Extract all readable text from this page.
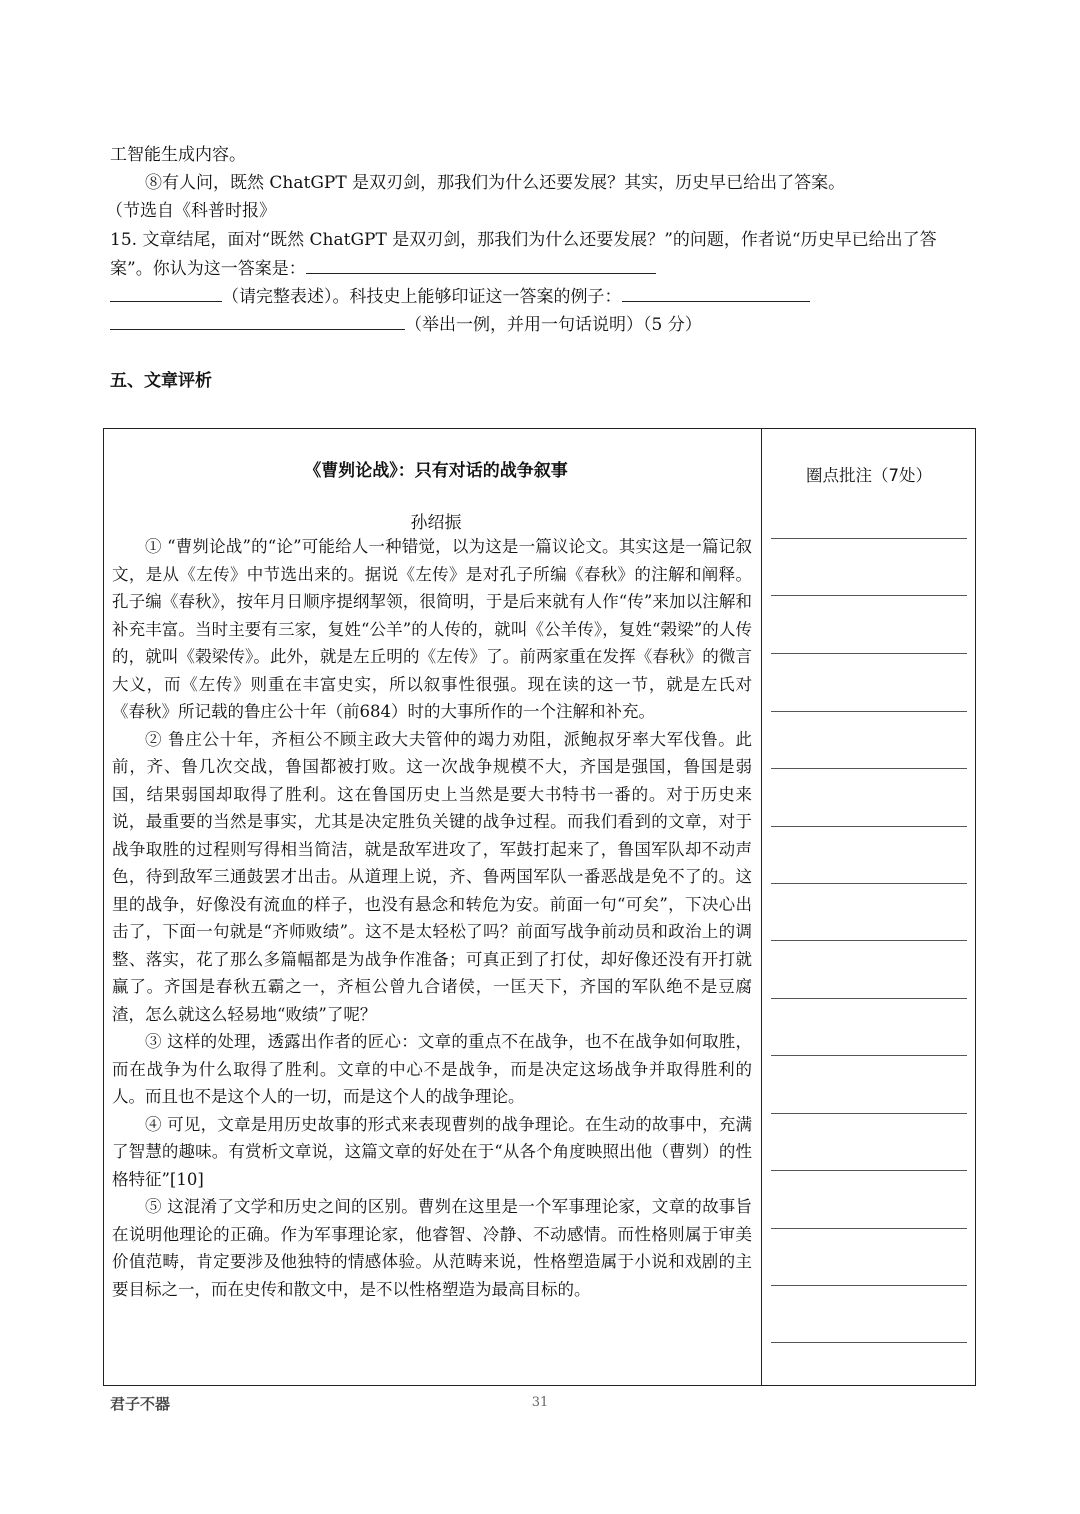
工智能生成内容。
⑧有人问，既然 ChatGPT 是双刃剑，那我们为什么还要发展？其实，历史早已给出了答案。
（节选自《科普时报》
15. 文章结尾，面对“既然 ChatGPT 是双刃剑，那我们为什么还要发展？”的问题，作者说“历史早已给出了答
案”。你认为这一答案是：
（请完整表述）。科技史上能够印证这一答案的例子：
（举出一例，并用一句话说明）（5 分）
五、文章评析
《曹刿论战》：只有对话的战争叙事
孙绍振

① “曹刿论战”的“论”可能给人一种错觉，以为这是一篇议论文。其实这是一篇记叙文，是从《左传》中节选出来的。据说《左传》是对孔子所编《春秋》的注解和阐释。孔子编《春秋》，按年月日顺序提纲挈领，很简明，于是后来就有人作“传”来加以注解和补充丰富。当时主要有三家，复姓“公羊”的人传的，就叫《公羊传》，复姓“榖梁”的人传的，就叫《榖梁传》。此外，就是左丘明的《左传》了。前两家重在发挥《春秋》的微言大义，而《左传》则重在丰富史实，所以叙事性很强。现在读的这一节，就是左氏对《春秋》所记载的鲁庄公十年（前684）时的大事所作的一个注解和补充。

② 鲁庄公十年，齐桓公不顾主政大夫管仲的竭力劝阻，派鲍叔牙率大军伐鲁。此前，齐、鲁几次交战，鲁国都被打败。这一次战争规模不大，齐国是强国，鲁国是弱国，结果弱国却取得了胜利。这在鲁国历史上当然是要大书特书一番的。对于历史来说，最重要的当然是事实，尤其是决定胜负关键的战争过程。而我们看到的文章，对于战争取胜的过程则写得相当简洁，就是敌军进攻了，军鼓打起来了，鲁国军队却不动声色，待到敌军三通鼓罢才出击。从道理上说，齐、鲁两国军队一番恶战是免不了的。这里的战争，好像没有流血的样子，也没有悬念和转危为安。前面一句“可矣”，下决心出击了，下面一句就是“齐师败绩”。这不是太轻松了吗？前面写战争前动员和政治上的调整、落实，花了那么多篇幅都是为战争作准备；可真正到了打仗，却好像还没有开打就赢了。齐国是春秋五霸之一，齐桓公曾九合诸侯，一匡天下，齐国的军队绝不是豆腐渣，怎么就这么轻易地“败绩”了呢？

③ 这样的处理，透露出作者的匠心：文章的重点不在战争，也不在战争如何取胜，而在战争为什么取得了胜利。文章的中心不是战争，而是决定这场战争并取得胜利的人。而且也不是这个人的一切，而是这个人的战争理论。

④ 可见，文章是用历史故事的形式来表现曹刿的战争理论。在生动的故事中，充满了智慧的趣味。有赏析文章说，这篇文章的好处在于“从各个角度映照出他（曹刿）的性格特征”[10]

⑤ 这混淆了文学和历史之间的区别。曹刿在这里是一个军事理论家，文章的故事旨在说明他理论的正确。作为军事理论家，他睿智、冷静、不动感情。而性格则属于审美价值范畴，肯定要涉及他独特的情感体验。从范畴来说，性格塑造属于小说和戏剧的主要目标之一，而在史传和散文中，是不以性格塑造为最高目标的。

圈点批注（7处）
君子不器	31
